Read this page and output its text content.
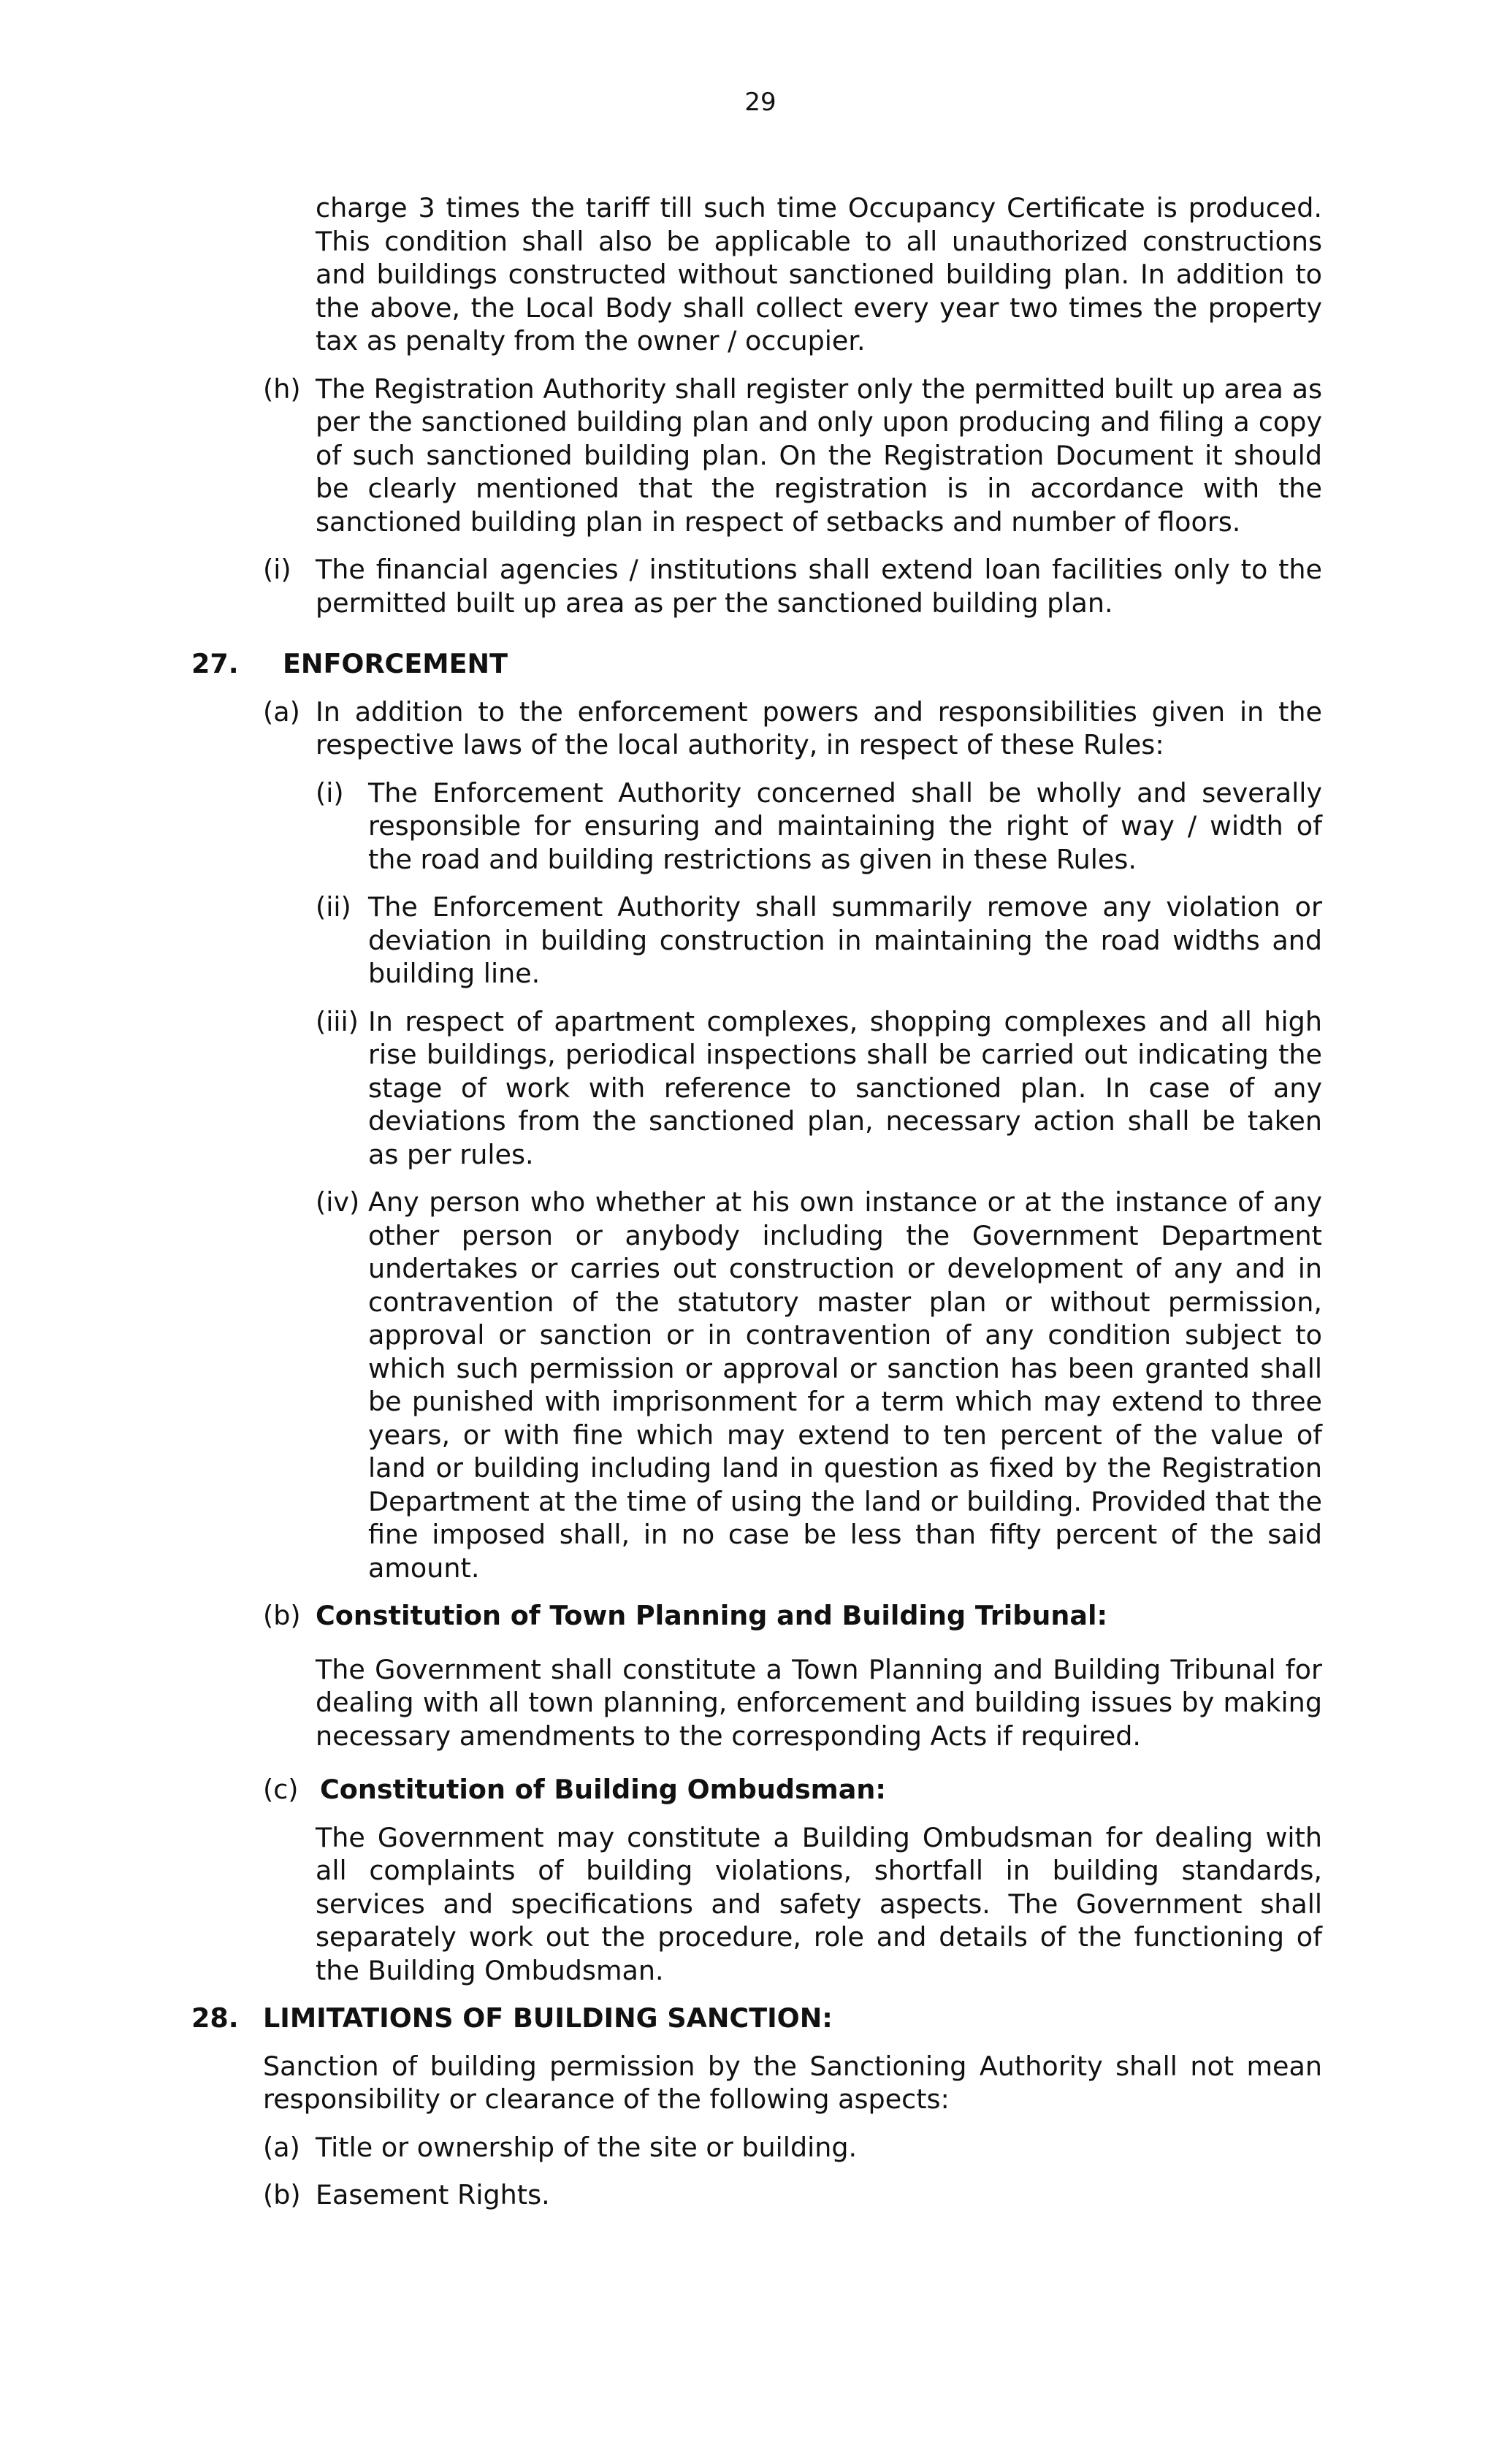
29
charge 3 times the tariff till such time Occupancy Certificate is produced. This condition shall also be applicable to all unauthorized constructions and buildings constructed without sanctioned building plan. In addition to the above, the Local Body shall collect every year two times the property tax as penalty from the owner / occupier.
(h) The Registration Authority shall register only the permitted built up area as per the sanctioned building plan and only upon producing and filing a copy of such sanctioned building plan. On the Registration Document it should be clearly mentioned that the registration is in accordance with the sanctioned building plan in respect of setbacks and number of floors.
(i) The financial agencies / institutions shall extend loan facilities only to the permitted built up area as per the sanctioned building plan.
27. ENFORCEMENT
(a) In addition to the enforcement powers and responsibilities given in the respective laws of the local authority, in respect of these Rules:
(i) The Enforcement Authority concerned shall be wholly and severally responsible for ensuring and maintaining the right of way / width of the road and building restrictions as given in these Rules.
(ii) The Enforcement Authority shall summarily remove any violation or deviation in building construction in maintaining the road widths and building line.
(iii) In respect of apartment complexes, shopping complexes and all high rise buildings, periodical inspections shall be carried out indicating the stage of work with reference to sanctioned plan. In case of any deviations from the sanctioned plan, necessary action shall be taken as per rules.
(iv) Any person who whether at his own instance or at the instance of any other person or anybody including the Government Department undertakes or carries out construction or development of any and in contravention of the statutory master plan or without permission, approval or sanction or in contravention of any condition subject to which such permission or approval or sanction has been granted shall be punished with imprisonment for a term which may extend to three years, or with fine which may extend to ten percent of the value of land or building including land in question as fixed by the Registration Department at the time of using the land or building. Provided that the fine imposed shall, in no case be less than fifty percent of the said amount.
(b) Constitution of Town Planning and Building Tribunal:
The Government shall constitute a Town Planning and Building Tribunal for dealing with all town planning, enforcement and building issues by making necessary amendments to the corresponding Acts if required.
(c) Constitution of Building Ombudsman:
The Government may constitute a Building Ombudsman for dealing with all complaints of building violations, shortfall in building standards, services and specifications and safety aspects. The Government shall separately work out the procedure, role and details of the functioning of the Building Ombudsman.
28. LIMITATIONS OF BUILDING SANCTION:
Sanction of building permission by the Sanctioning Authority shall not mean responsibility or clearance of the following aspects:
(a) Title or ownership of the site or building.
(b) Easement Rights.
